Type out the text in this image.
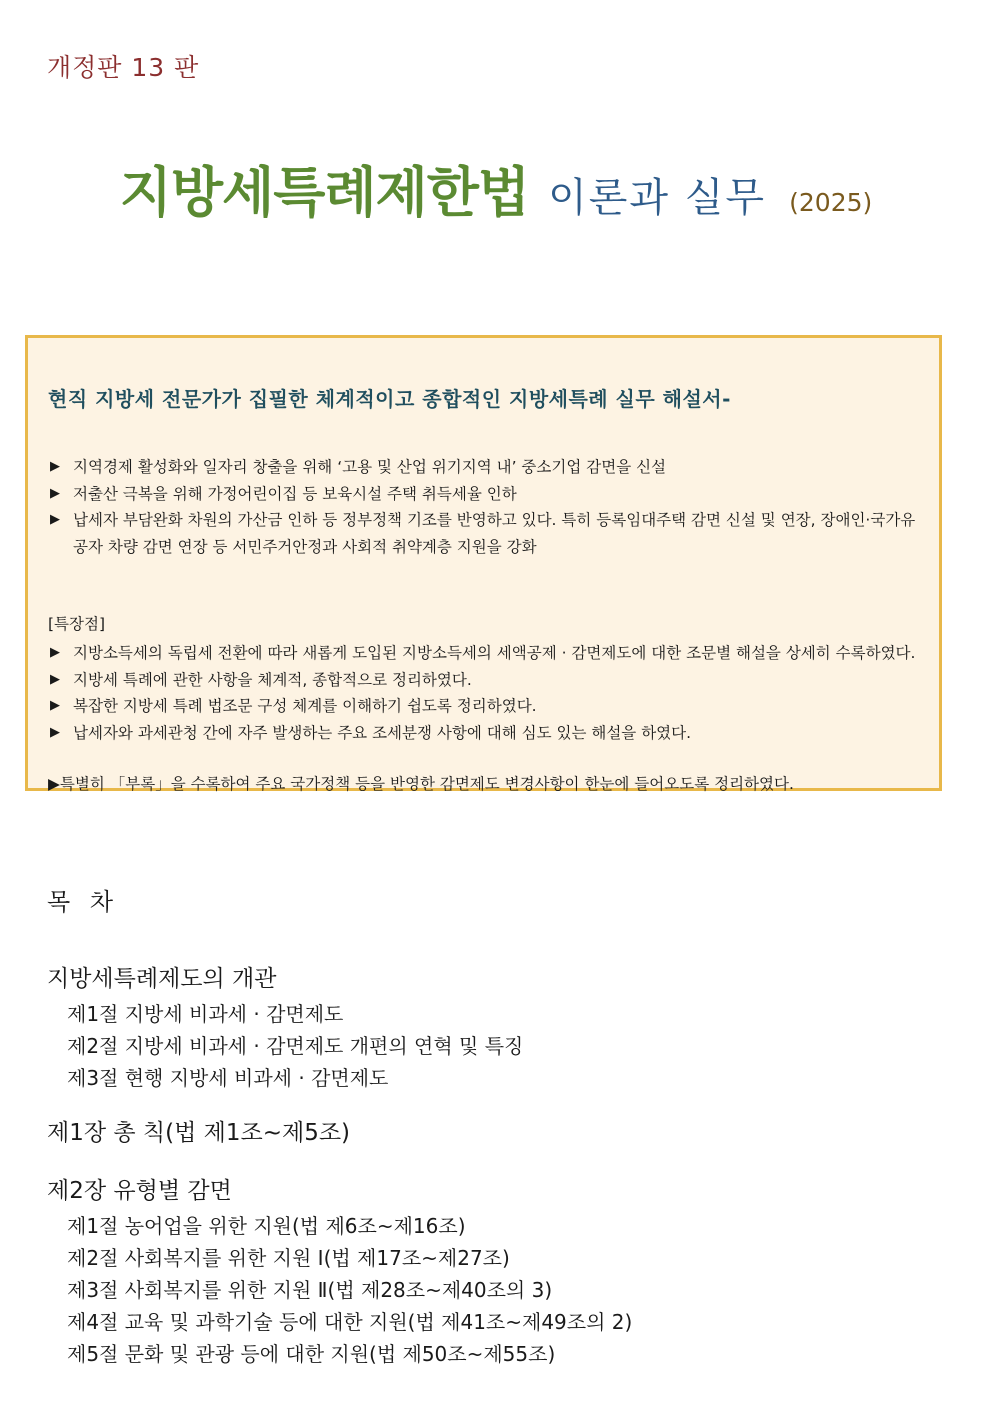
개정판 13 판
지방세특례제한법 이론과 실무 (2025)
현직 지방세 전문가가 집필한 체계적이고 종합적인 지방세특례 실무 해설서-
▶ 지역경제 활성화와 일자리 창출을 위해 ‘고용 및 산업 위기지역 내’ 중소기업 감면을 신설
▶ 저출산 극복을 위해 가정어린이집 등 보육시설 주택 취득세율 인하
▶ 납세자 부담완화 차원의 가산금 인하 등 정부정책 기조를 반영하고 있다. 특히 등록임대주택 감면 신설 및 연장, 장애인·국가유공자 차량 감면 연장 등 서민주거안정과 사회적 취약계층 지원을 강화
[특장점]
▶ 지방소득세의 독립세 전환에 따라 새롭게 도입된 지방소득세의 세액공제 · 감면제도에 대한 조문별 해설을 상세히 수록하였다.
▶ 지방세 특례에 관한 사항을 체계적, 종합적으로 정리하였다.
▶ 복잡한 지방세 특례 법조문 구성 체계를 이해하기 쉽도록 정리하였다.
▶ 납세자와 과세관청 간에 자주 발생하는 주요 조세분쟁 사항에 대해 심도 있는 해설을 하였다.
▶특별히 「부록」을 수록하여 주요 국가정책 등을 반영한 감면제도 변경사항이 한눈에 들어오도록 정리하였다.
목 차
지방세특례제도의 개관
제1절 지방세 비과세 · 감면제도
제2절 지방세 비과세 · 감면제도 개편의 연혁 및 특징
제3절 현행 지방세 비과세 · 감면제도
제1장 총 칙(법 제1조~제5조)
제2장 유형별 감면
제1절 농어업을 위한 지원(법 제6조~제16조)
제2절 사회복지를 위한 지원 Ⅰ(법 제17조~제27조)
제3절 사회복지를 위한 지원 Ⅱ(법 제28조~제40조의 3)
제4절 교육 및 과학기술 등에 대한 지원(법 제41조~제49조의 2)
제5절 문화 및 관광 등에 대한 지원(법 제50조~제55조)
